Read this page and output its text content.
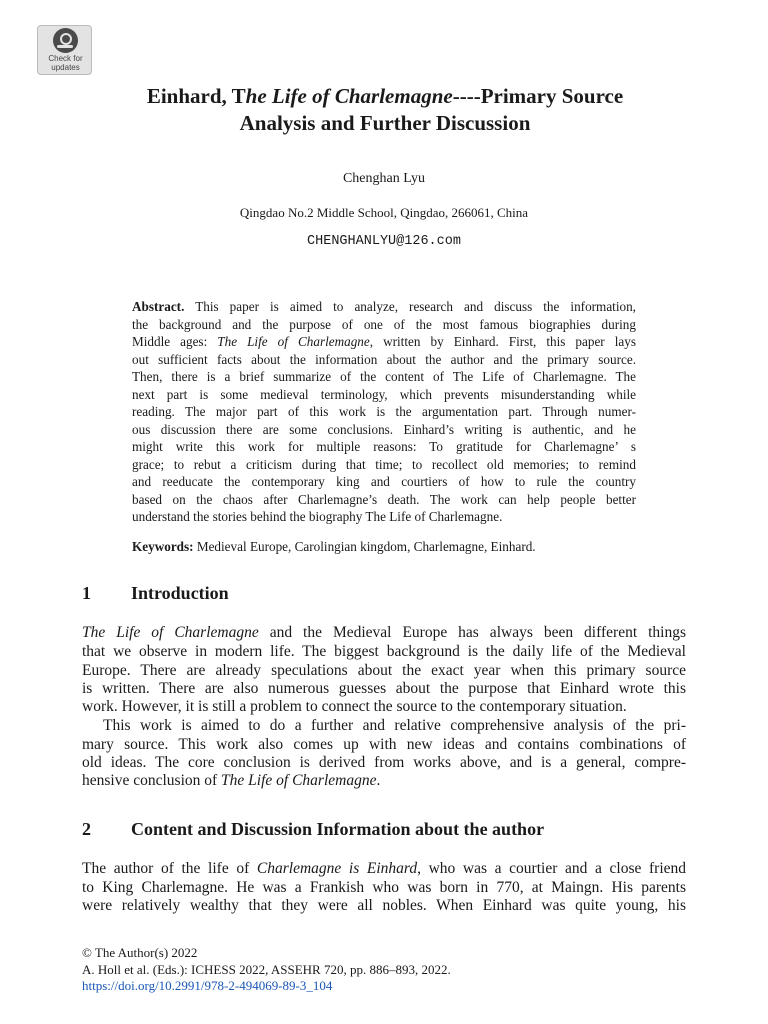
Check for
updates
Einhard, The Life of Charlemagne----Primary Source
Analysis and Further Discussion
Chenghan Lyu
Qingdao No.2 Middle School, Qingdao, 266061, China
CHENGHANLYU@126.com
Abstract. This paper is aimed to analyze, research and discuss the information,
the background and the purpose of one of the most famous biographies during
Middle ages: The Life of Charlemagne, written by Einhard. First, this paper lays
out sufficient facts about the information about the author and the primary source.
Then, there is a brief summarize of the content of The Life of Charlemagne. The
next part is some medieval terminology, which prevents misunderstanding while
reading. The major part of this work is the argumentation part. Through numer-
ous discussion there are some conclusions. Einhard’s writing is authentic, and he
might write this work for multiple reasons: To gratitude for Charlemagne’ s
grace; to rebut a criticism during that time; to recollect old memories; to remind
and reeducate the contemporary king and courtiers of how to rule the country
based on the chaos after Charlemagne’s death. The work can help people better
understand the stories behind the biography The Life of Charlemagne.
Keywords: Medieval Europe, Carolingian kingdom, Charlemagne, Einhard.
1 Introduction
The Life of Charlemagne and the Medieval Europe has always been different things
that we observe in modern life. The biggest background is the daily life of the Medieval
Europe. There are already speculations about the exact year when this primary source
is written. There are also numerous guesses about the purpose that Einhard wrote this
work. However, it is still a problem to connect the source to the contemporary situation.
This work is aimed to do a further and relative comprehensive analysis of the pri-
mary source. This work also comes up with new ideas and contains combinations of
old ideas. The core conclusion is derived from works above, and is a general, compre-
hensive conclusion of The Life of Charlemagne.
2 Content and Discussion Information about the author
The author of the life of Charlemagne is Einhard, who was a courtier and a close friend
to King Charlemagne. He was a Frankish who was born in 770, at Maingn. His parents
were relatively wealthy that they were all nobles. When Einhard was quite young, his
© The Author(s) 2022
A. Holl et al. (Eds.): ICHESS 2022, ASSEHR 720, pp. 886–893, 2022.
https://doi.org/10.2991/978-2-494069-89-3_104
